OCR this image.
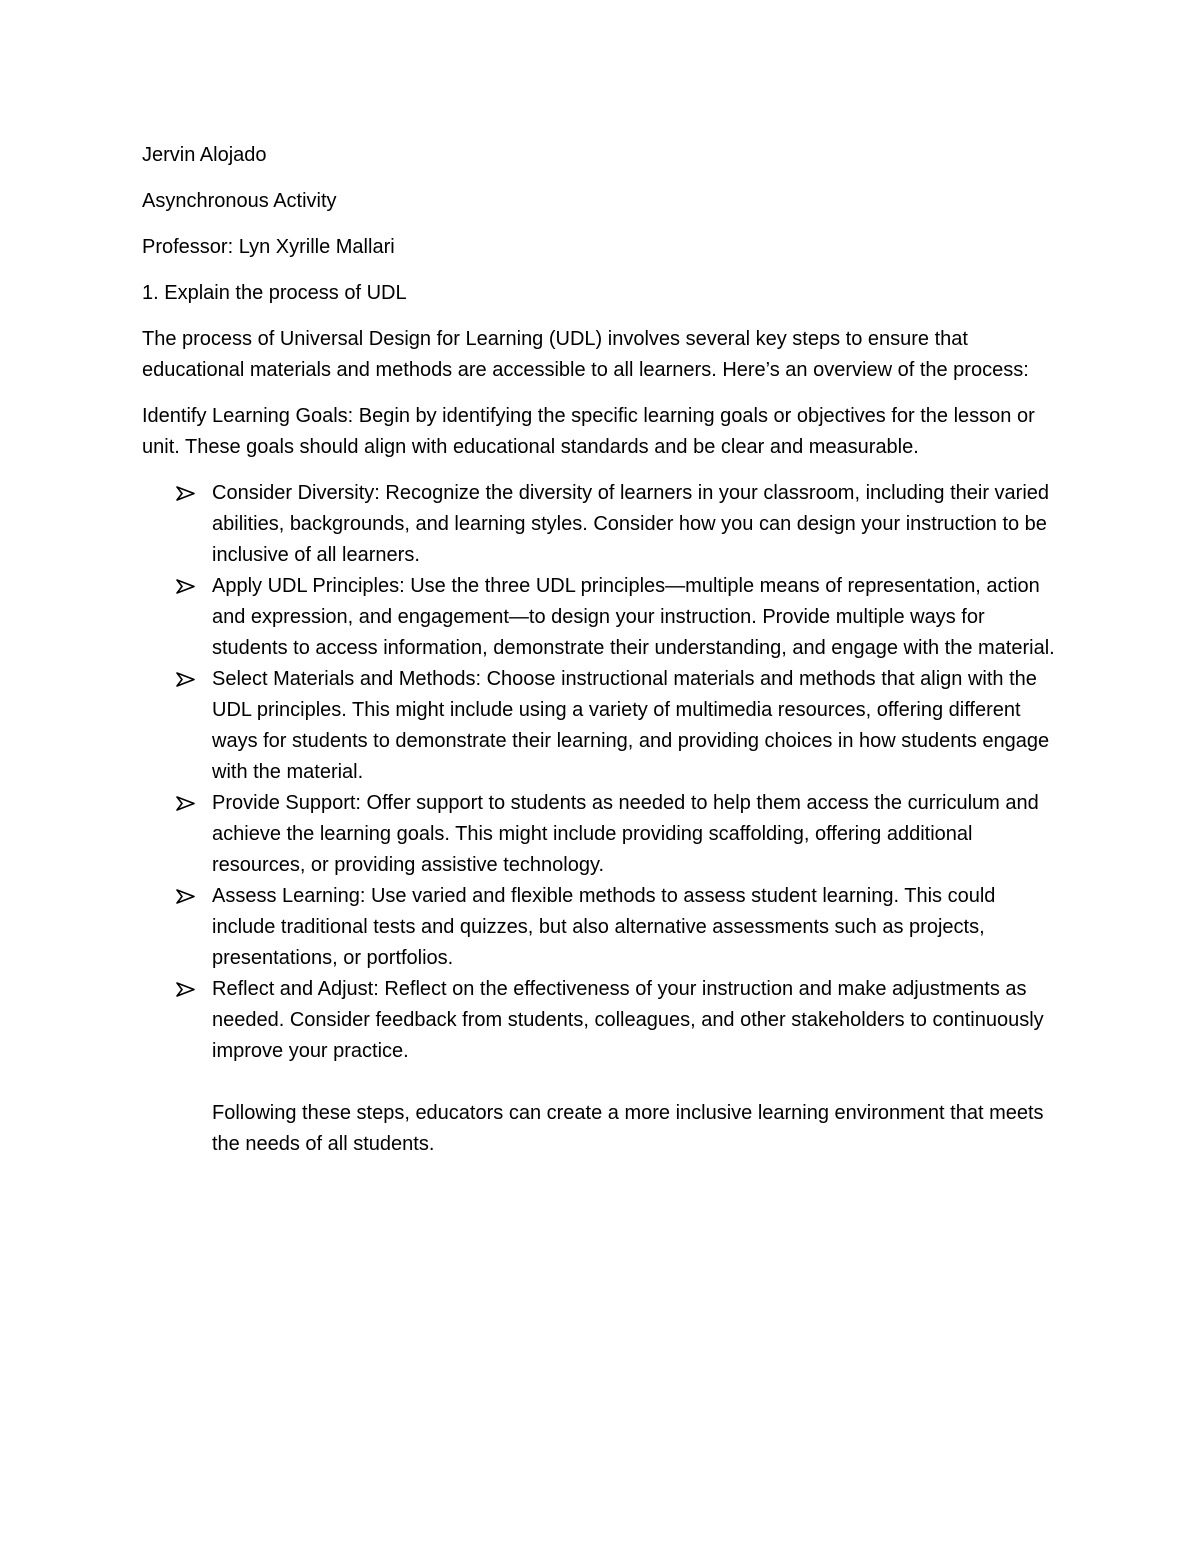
Jervin Alojado
Asynchronous Activity
Professor: Lyn Xyrille Mallari
1. Explain the process of UDL

The process of Universal Design for Learning (UDL) involves several key steps to ensure that educational materials and methods are accessible to all learners. Here’s an overview of the process:

Identify Learning Goals: Begin by identifying the specific learning goals or objectives for the lesson or unit. These goals should align with educational standards and be clear and measurable.

Consider Diversity: Recognize the diversity of learners in your classroom, including their varied abilities, backgrounds, and learning styles. Consider how you can design your instruction to be inclusive of all learners.
Apply UDL Principles: Use the three UDL principles—multiple means of representation, action and expression, and engagement—to design your instruction. Provide multiple ways for students to access information, demonstrate their understanding, and engage with the material.
Select Materials and Methods: Choose instructional materials and methods that align with the UDL principles. This might include using a variety of multimedia resources, offering different ways for students to demonstrate their learning, and providing choices in how students engage with the material.
Provide Support: Offer support to students as needed to help them access the curriculum and achieve the learning goals. This might include providing scaffolding, offering additional resources, or providing assistive technology.
Assess Learning: Use varied and flexible methods to assess student learning. This could include traditional tests and quizzes, but also alternative assessments such as projects, presentations, or portfolios.
Reflect and Adjust: Reflect on the effectiveness of your instruction and make adjustments as needed. Consider feedback from students, colleagues, and other stakeholders to continuously improve your practice.

Following these steps, educators can create a more inclusive learning environment that meets the needs of all students.
